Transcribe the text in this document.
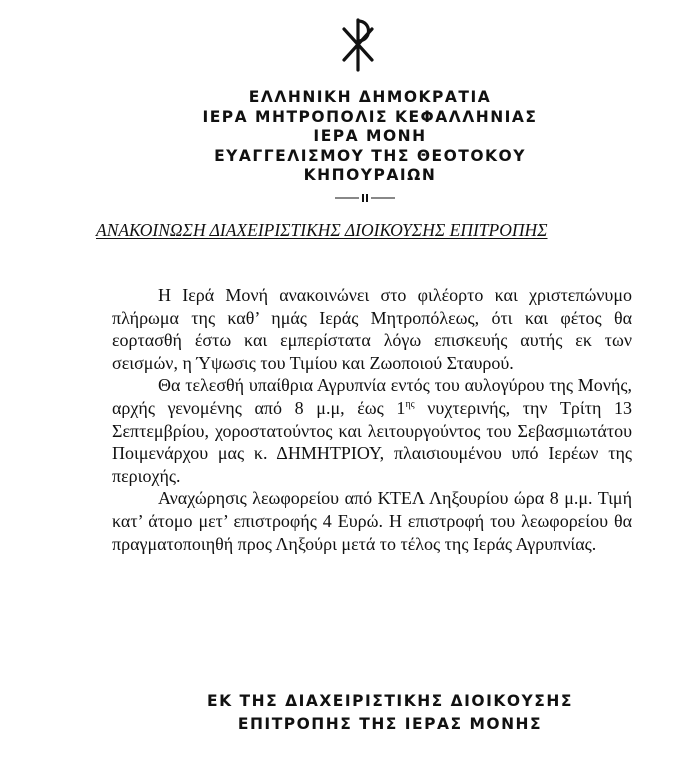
ΕΛΛΗΝΙΚΗ ΔΗΜΟΚΡΑΤΙΑ
ΙΕΡΑ ΜΗΤΡΟΠΟΛΙΣ ΚΕΦΑΛΛΗΝΙΑΣ
ΙΕΡΑ ΜΟΝΗ
ΕΥΑΓΓΕΛΙΣΜΟΥ ΤΗΣ ΘΕΟΤΟΚΟΥ
ΚΗΠΟΥΡΑΙΩΝ
ΑΝΑΚΟΙΝΩΣΗ ΔΙΑΧΕΙΡΙΣΤΙΚΗΣ ΔΙΟΙΚΟΥΣΗΣ ΕΠΙΤΡΟΠΗΣ

Η Ιερά Μονή ανακοινώνει στο φιλέορτο και χριστεπώνυμο πλήρωμα της καθ’ ημάς Ιεράς Μητροπόλεως, ότι και φέτος θα εορτασθή έστω και εμπερίστατα λόγω επισκευής αυτής εκ των σεισμών, η Ύψωσις του Τιμίου και Ζωοποιού Σταυρού.

Θα τελεσθή υπαίθρια Αγρυπνία εντός του αυλογύρου της Μονής, αρχής γενομένης από 8 μ.μ, έως $1^{\eta\varsigma}$ νυχτερινής, την Τρίτη 13 Σεπτεμβρίου, χοροστατούντος και λειτουργούντος του Σεβασμιωτάτου Ποιμενάρχου μας κ. ΔΗΜΗΤΡΙΟΥ, πλαισιουμένου υπό Ιερέων της περιοχής.

Αναχώρησις λεωφορείου από ΚΤΕΛ Ληξουρίου ώρα 8 μ.μ. Τιμή κατ’ άτομο μετ’ επιστροφής 4 Ευρώ. Η επιστροφή του λεωφορείου θα πραγματοποιηθή προς Ληξούρι μετά το τέλος της Ιεράς Αγρυπνίας.

ΕΚ ΤΗΣ ΔΙΑΧΕΙΡΙΣΤΙΚΗΣ ΔΙΟΙΚΟΥΣΗΣ
ΕΠΙΤΡΟΠΗΣ ΤΗΣ ΙΕΡΑΣ ΜΟΝΗΣ
